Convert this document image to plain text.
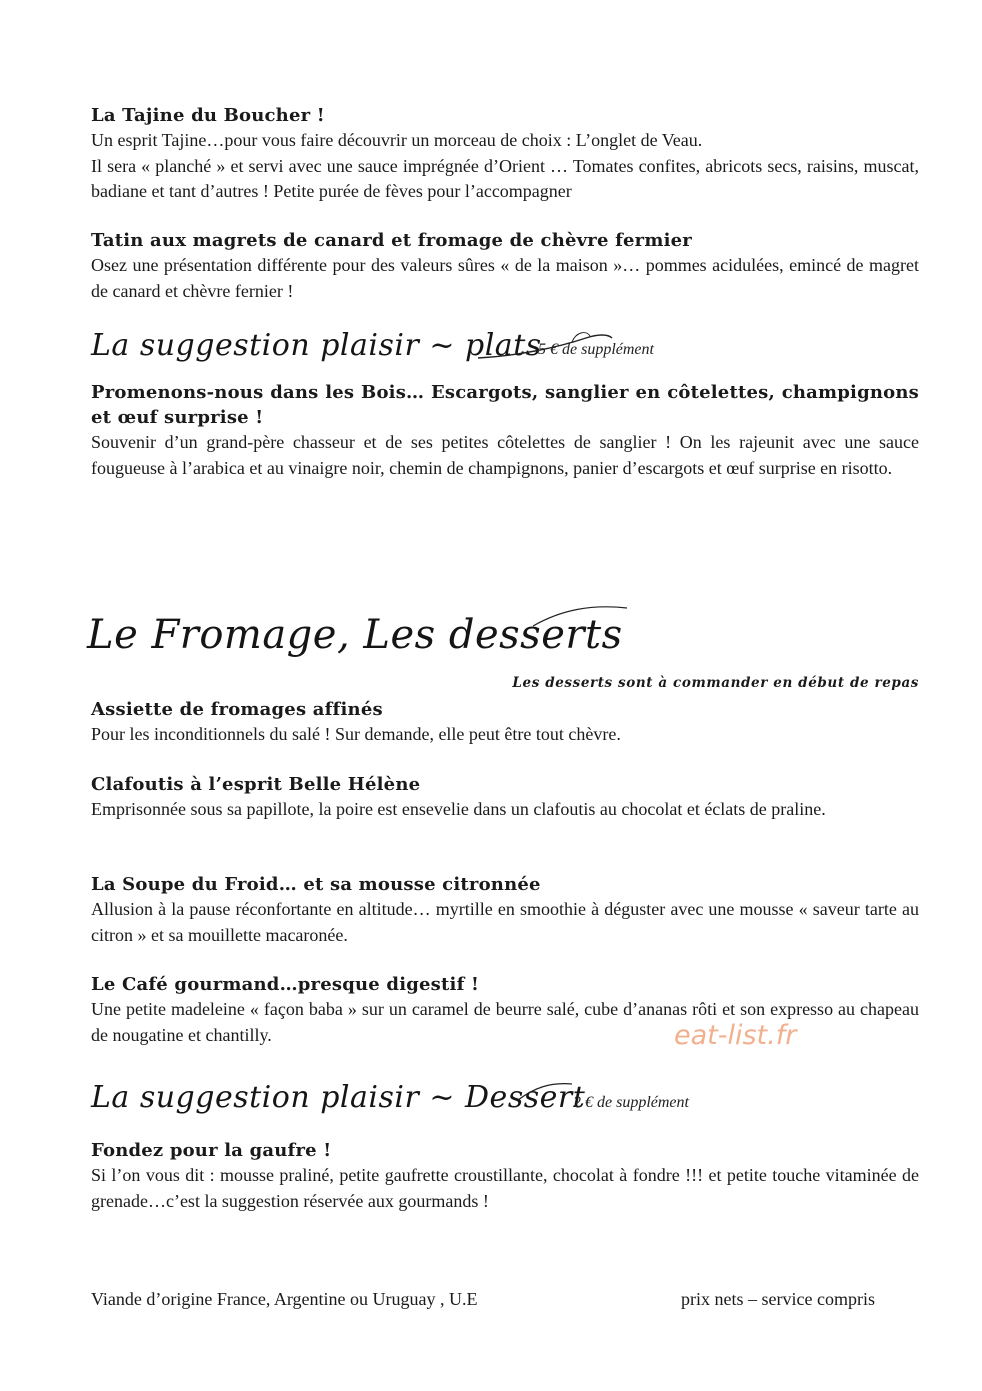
La Tajine du Boucher !

Un esprit Tajine…pour vous faire découvrir un morceau de choix : L’onglet de Veau.

Il sera « planché » et servi avec une sauce imprégnée d’Orient … Tomates confites, abricots secs, raisins, muscat, badiane et tant d’autres ! Petite purée de fèves pour l’accompagner

Tatin aux magrets de canard et fromage de chèvre fermier

Osez une présentation différente pour des valeurs sûres « de la maison »… pommes acidulées, emincé de magret de canard et chèvre fernier !

La suggestion plaisir ~ plats
5 € de supplément

Promenons-nous dans les Bois… Escargots, sanglier en côtelettes, champignons et œuf surprise !

Souvenir d’un grand-père chasseur et de ses petites côtelettes de sanglier ! On les rajeunit avec une sauce fougueuse à l’arabica et au vinaigre noir, chemin de champignons, panier d’escargots et œuf surprise en risotto.

Le Fromage, Les desserts
Les desserts sont à commander en début de repas

Assiette de fromages affinés

Pour les inconditionnels du salé ! Sur demande, elle peut être tout chèvre.

Clafoutis à l’esprit Belle Hélène

Emprisonnée sous sa papillote, la poire est ensevelie dans un clafoutis au chocolat et éclats de praline.

La Soupe du Froid… et sa mousse citronnée

Allusion à la pause réconfortante en altitude… myrtille en smoothie à déguster avec une mousse « saveur tarte au citron » et sa mouillette macaronée.

Le Café gourmand…presque digestif !

Une petite madeleine « façon baba » sur un caramel de beurre salé, cube d’ananas rôti et son expresso au chapeau de nougatine et chantilly.

La suggestion plaisir ~ Dessert
2 € de supplément

Fondez pour la gaufre !

Si l’on vous dit : mousse praliné, petite gaufrette croustillante, chocolat à fondre !!! et petite touche vitaminée de grenade…c’est la suggestion réservée aux gourmands !

Viande d’origine France, Argentine ou Uruguay , U.E	prix nets – service compris
eat-list.fr
